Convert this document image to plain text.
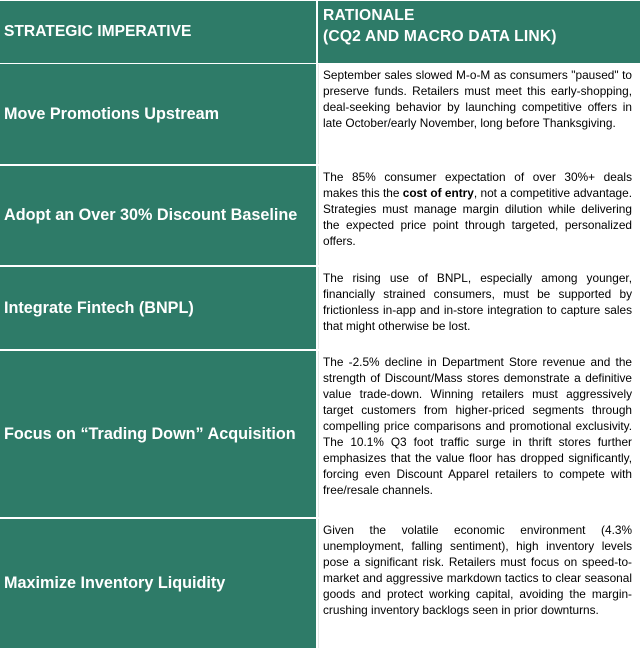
STRATEGIC IMPERATIVE
RATIONALE
(CQ2 AND MACRO DATA LINK)
Move Promotions Upstream
September sales slowed M-o-M as consumers "paused" to preserve funds. Retailers must meet this early-shopping, deal-seeking behavior by launching competitive offers in late October/early November, long before Thanksgiving.
Adopt an Over 30% Discount Baseline
The 85% consumer expectation of over 30%+ deals makes this the cost of entry, not a competitive advantage. Strategies must manage margin dilution while delivering the expected price point through targeted, personalized offers.
Integrate Fintech (BNPL)
The rising use of BNPL, especially among younger, financially strained consumers, must be supported by frictionless in-app and in-store integration to capture sales that might otherwise be lost.
Focus on “Trading Down” Acquisition
The -2.5% decline in Department Store revenue and the strength of Discount/Mass stores demonstrate a definitive value trade-down. Winning retailers must aggressively target customers from higher-priced segments through compelling price comparisons and promotional exclusivity. The 10.1% Q3 foot traffic surge in thrift stores further emphasizes that the value floor has dropped significantly, forcing even Discount Apparel retailers to compete with free/resale channels.
Maximize Inventory Liquidity
Given the volatile economic environment (4.3% unemployment, falling sentiment), high inventory levels pose a significant risk. Retailers must focus on speed-to-market and aggressive markdown tactics to clear seasonal goods and protect working capital, avoiding the margin-crushing inventory backlogs seen in prior downturns.
